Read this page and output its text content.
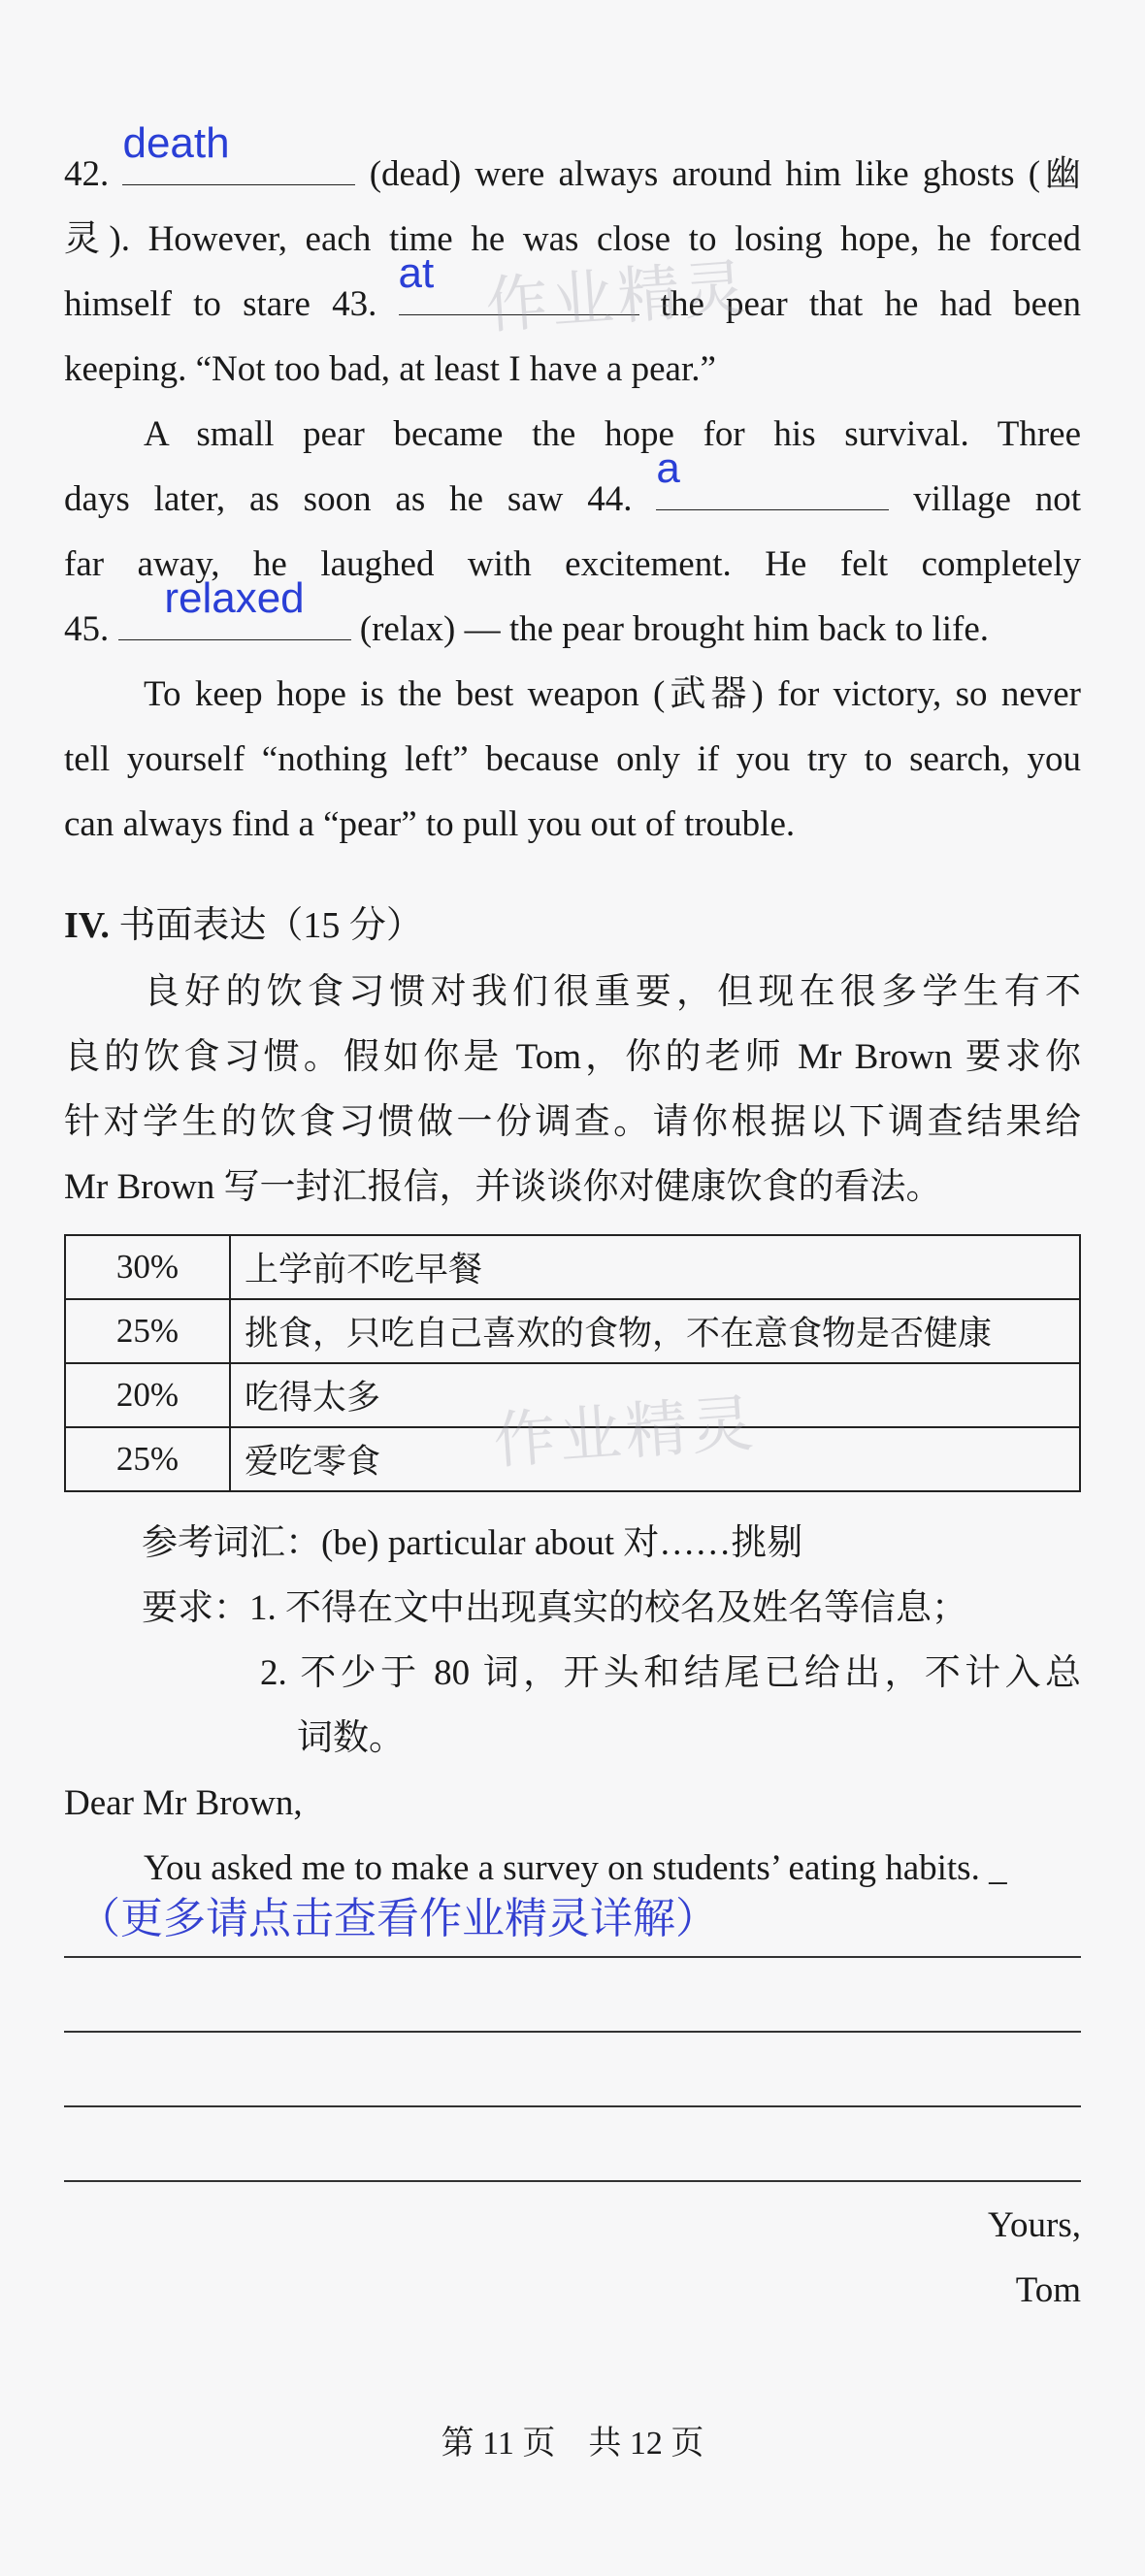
42.
death
(dead) were always around him like ghosts (幽
灵). However, each time he was close to losing hope, he forced
himself to stare 43.
at
the pear that he had been
keeping. “Not too bad, at least I have a pear.”
A small pear became the hope for his survival. Three
days later, as soon as he saw 44.
a
village not
far away, he laughed with excitement. He felt completely
45.
relaxed
(relax) — the pear brought him back to life.
To keep hope is the best weapon (武器) for victory, so never
tell yourself “nothing left” because only if you try to search, you
can always find a “pear” to pull you out of trouble.
IV. 书面表达（15 分）
良好的饮食习惯对我们很重要，但现在很多学生有不
良的饮食习惯。假如你是 Tom，你的老师 Mr Brown 要求你
针对学生的饮食习惯做一份调查。请你根据以下调查结果给
Mr Brown 写一封汇报信，并谈谈你对健康饮食的看法。
30%	上学前不吃早餐
25%	挑食，只吃自己喜欢的食物，不在意食物是否健康
20%	吃得太多
25%	爱吃零食 作业精灵
作业精灵
参考词汇：(be) particular about 对……挑剔
要求：1. 不得在文中出现真实的校名及姓名等信息；
2. 不少于 80 词，开头和结尾已给出，不计入总
词数。
Dear Mr Brown,
You asked me to make a survey on students’ eating habits. _
（更多请点击查看作业精灵详解）
Yours,
Tom
第 11 页　共 12 页
